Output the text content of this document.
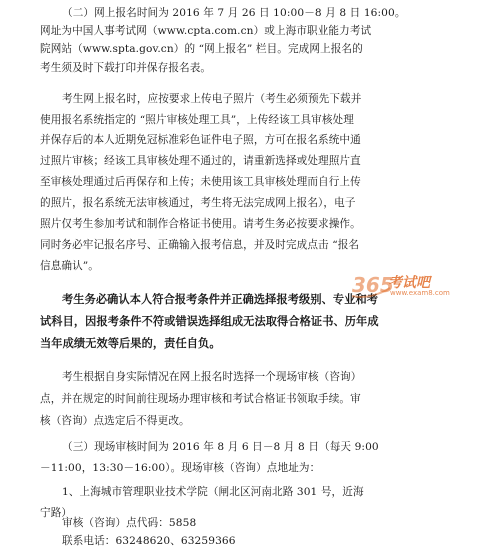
（二）网上报名时间为 2016 年 7 月 26 日 10:00－8 月 8 日 16:00。
网址为中国人事考试网（www.cpta.com.cn）或上海市职业能力考试
院网站（www.spta.gov.cn）的 “网上报名” 栏目。完成网上报名的
考生须及时下载打印并保存报名表。
考生网上报名时，应按要求上传电子照片（考生必须预先下载并
使用报名系统指定的 “照片审核处理工具”，上传经该工具审核处理
并保存后的本人近期免冠标准彩色证件电子照，方可在报名系统中通
过照片审核；经该工具审核处理不通过的，请重新选择或处理照片直
至审核处理通过后再保存和上传；未使用该工具审核处理而自行上传
的照片，报名系统无法审核通过，考生将无法完成网上报名），电子
照片仅考生参加考试和制作合格证书使用。请考生务必按要求操作。
同时务必牢记报名序号、正确输入报考信息，并及时完成点击 “报名
信息确认”。
考生务必确认本人符合报考条件并正确选择报考级别、专业和考
试科目，因报考条件不符或错误选择组成无法取得合格证书、历年成
当年成绩无效等后果的，责任自负。
考生根据自身实际情况在网上报名时选择一个现场审核（咨询）
点，并在规定的时间前往现场办理审核和考试合格证书领取手续。审
核（咨询）点选定后不得更改。
（三）现场审核时间为 2016 年 8 月 6 日－8 月 8 日（每天 9:00
－11:00，13:30－16:00）。现场审核（咨询）点地址为：
1、上海城市管理职业技术学院（闸北区河南北路 301 号，近海
宁路）
审核（咨询）点代码：5858
联系电话：63248620、63259366
365
考试吧
www.exam8.com
